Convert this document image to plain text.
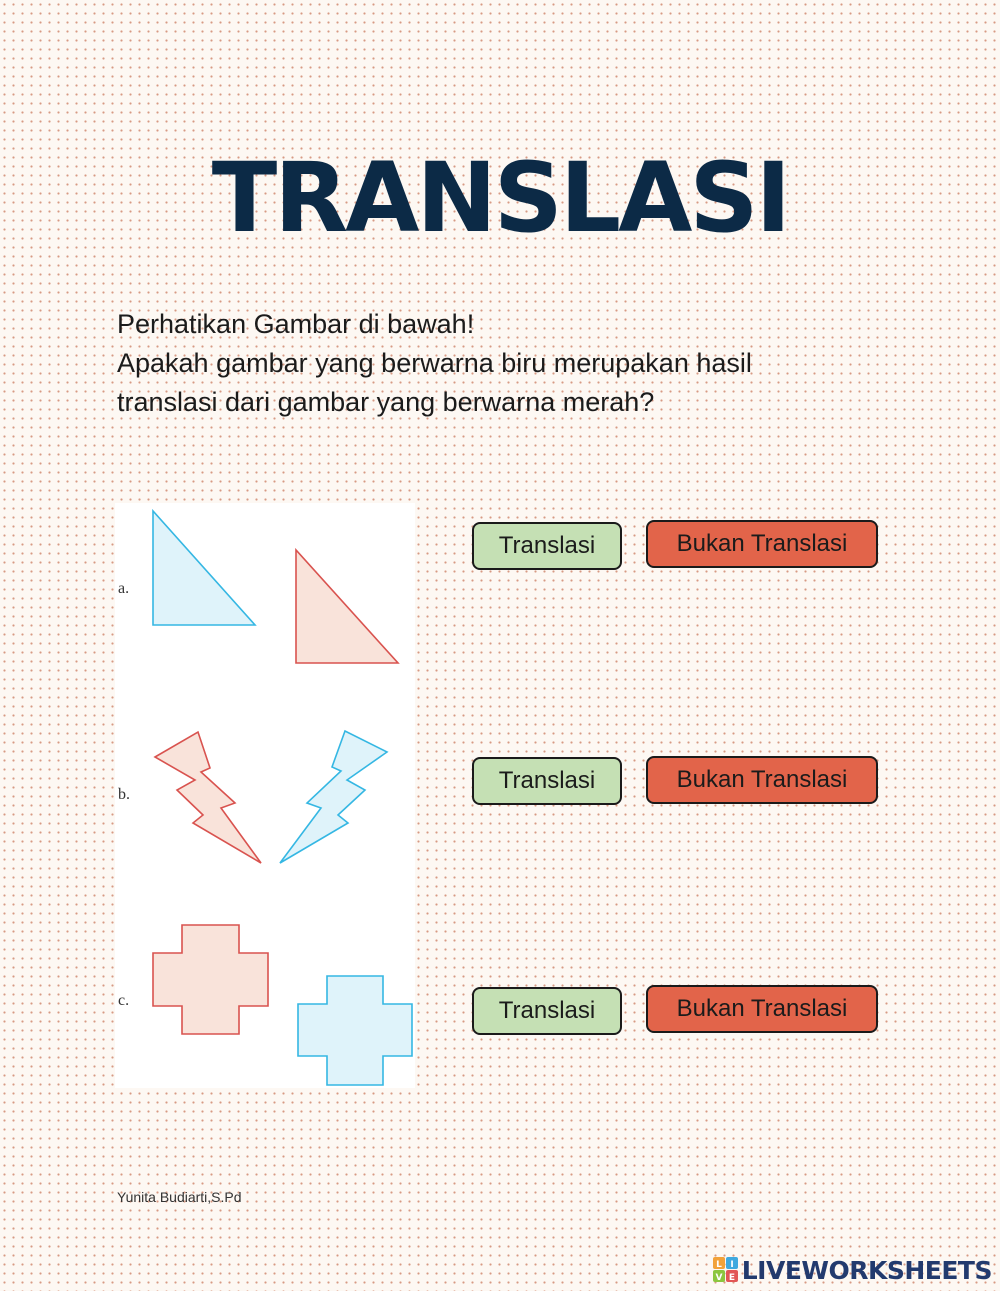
TRANSLASI
Perhatikan Gambar di bawah!
Apakah gambar yang berwarna biru merupakan hasil
translasi dari gambar yang berwarna merah?
a.
b.
c.
Translasi	Bukan Translasi
Translasi	Bukan Translasi
Translasi	Bukan Translasi
Yunita Budiarti,S.Pd
L I
V E LIVEWORKSHEETS
